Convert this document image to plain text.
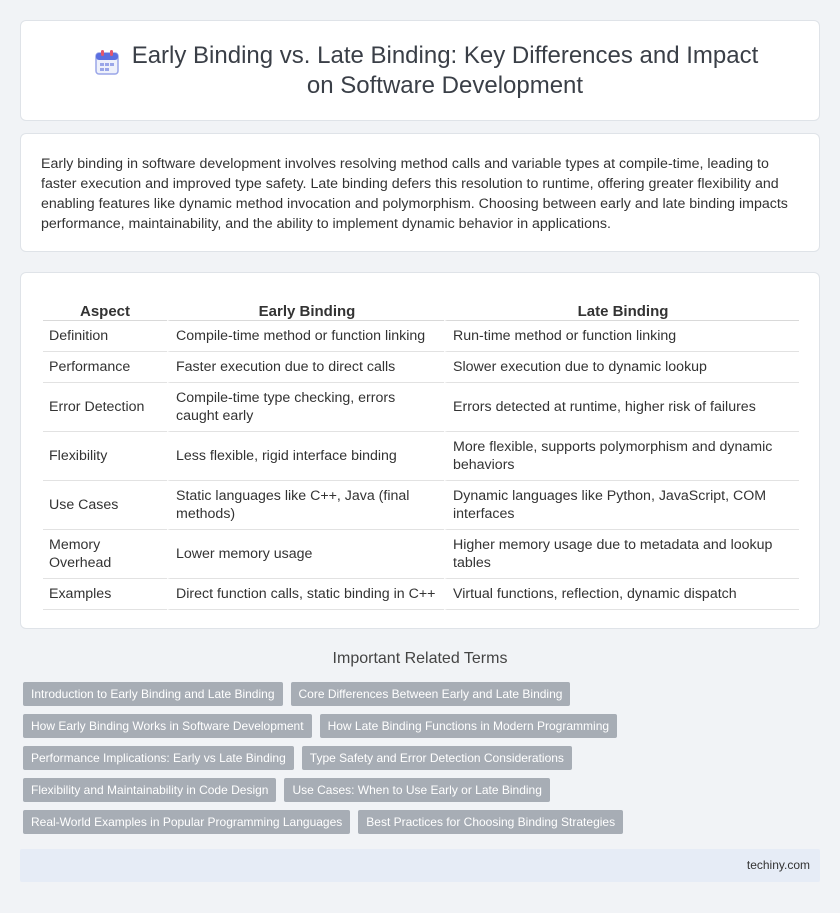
Early Binding vs. Late Binding: Key Differences and Impact on Software Development

Early binding in software development involves resolving method calls and variable types at compile-time, leading to faster execution and improved type safety. Late binding defers this resolution to runtime, offering greater flexibility and enabling features like dynamic method invocation and polymorphism. Choosing between early and late binding impacts performance, maintainability, and the ability to implement dynamic behavior in applications.

Aspect	Early Binding	Late Binding
Definition	Compile-time method or function linking	Run-time method or function linking
Performance	Faster execution due to direct calls	Slower execution due to dynamic lookup
Error Detection	Compile-time type checking, errors caught early	Errors detected at runtime, higher risk of failures
Flexibility	Less flexible, rigid interface binding	More flexible, supports polymorphism and dynamic behaviors
Use Cases	Static languages like C++, Java (final methods)	Dynamic languages like Python, JavaScript, COM interfaces
Memory Overhead	Lower memory usage	Higher memory usage due to metadata and lookup tables
Examples	Direct function calls, static binding in C++	Virtual functions, reflection, dynamic dispatch
Important Related Terms
Introduction to Early Binding and Late Binding	Core Differences Between Early and Late Binding
How Early Binding Works in Software Development	How Late Binding Functions in Modern Programming
Performance Implications: Early vs Late Binding	Type Safety and Error Detection Considerations
Flexibility and Maintainability in Code Design	Use Cases: When to Use Early or Late Binding
Real-World Examples in Popular Programming Languages	Best Practices for Choosing Binding Strategies
techiny.com
